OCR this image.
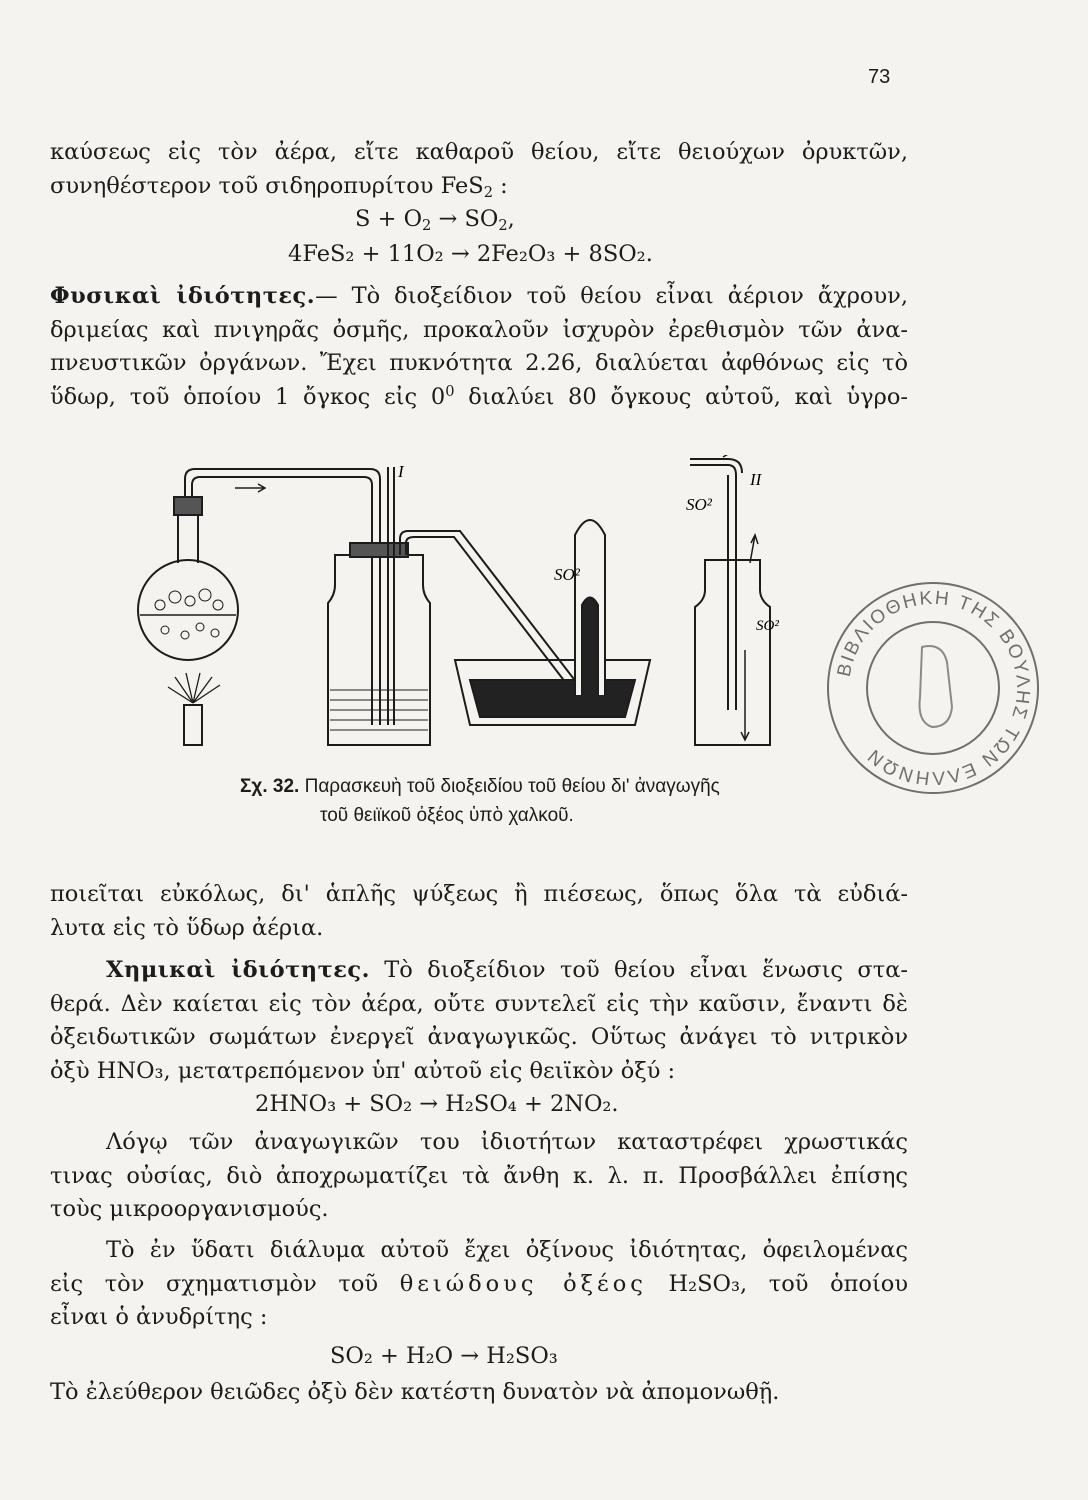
73
καύσεως εἰς τὸν ἀέρα, εἴτε καθαροῦ θείου, εἴτε θειούχων ὀρυκτῶν,
συνηθέστερον τοῦ σιδηροπυρίτου FeS$_2$ :
$S + O_2 \to SO_2$,
4FeS₂ + 11O₂ → 2Fe₂O₃ + 8SO₂.
Φυσικαὶ ἰδιότητες.— Τὸ διοξείδιον τοῦ θείου εἶναι ἀέριον ἄχρουν,
δριμείας καὶ πνιγηρᾶς ὀσμῆς, προκαλοῦν ἰσχυρὸν ἐρεθισμὸν τῶν ἀνα-
πνευστικῶν ὀργάνων. Ἔχει πυκνότητα 2.26, διαλύεται ἀφθόνως εἰς τὸ
ὕδωρ, τοῦ ὁποίου 1 ὄγκος εἰς $0^0$ διαλύει 80 ὄγκους αὐτοῦ, καὶ ὑγρο-
I	II
SO²
SO²
SO²
Σχ. 32. Παρασκευὴ τοῦ διοξειδίου τοῦ θείου δι' ἀναγωγῆς
τοῦ θειϊκοῦ ὀξέος ὑπὸ χαλκοῦ.
ΒΙΒΛΙΟΘΗΚΗ ΤΗΣ ΒΟΥΛΗΣ ΤΩΝ ΕΛΛΗΝΩΝ
ποιεῖται εὐκόλως, δι' ἁπλῆς ψύξεως ἢ πιέσεως, ὅπως ὅλα τὰ εὐδιά-
λυτα εἰς τὸ ὕδωρ ἀέρια.
Χημικαὶ ἰδιότητες. Τὸ διοξείδιον τοῦ θείου εἶναι ἕνωσις στα-
θερά. Δὲν καίεται εἰς τὸν ἀέρα, οὔτε συντελεῖ εἰς τὴν καῦσιν, ἔναντι δὲ
ὀξειδωτικῶν σωμάτων ἐνεργεῖ ἀναγωγικῶς. Οὕτως ἀνάγει τὸ νιτρικὸν
ὀξὺ HNO₃, μετατρεπόμενον ὑπ' αὐτοῦ εἰς θειϊκὸν ὀξύ :
2HNO₃ + SO₂ → H₂SO₄ + 2NO₂.
Λόγῳ τῶν ἀναγωγικῶν του ἰδιοτήτων καταστρέφει χρωστικάς
τινας οὐσίας, διὸ ἀποχρωματίζει τὰ ἄνθη κ. λ. π. Προσβάλλει ἐπίσης
τοὺς μικροοργανισμούς.
Τὸ ἐν ὕδατι διάλυμα αὐτοῦ ἔχει ὀξίνους ἰδιότητας, ὀφειλομένας
εἰς τὸν σχηματισμὸν τοῦ θειώδους ὀξέος H₂SO₃, τοῦ ὁποίου
εἶναι ὁ ἀνυδρίτης :
SO₂ + H₂O → H₂SO₃
Τὸ ἐλεύθερον θειῶδες ὀξὺ δὲν κατέστη δυνατὸν νὰ ἀπομονωθῇ.
